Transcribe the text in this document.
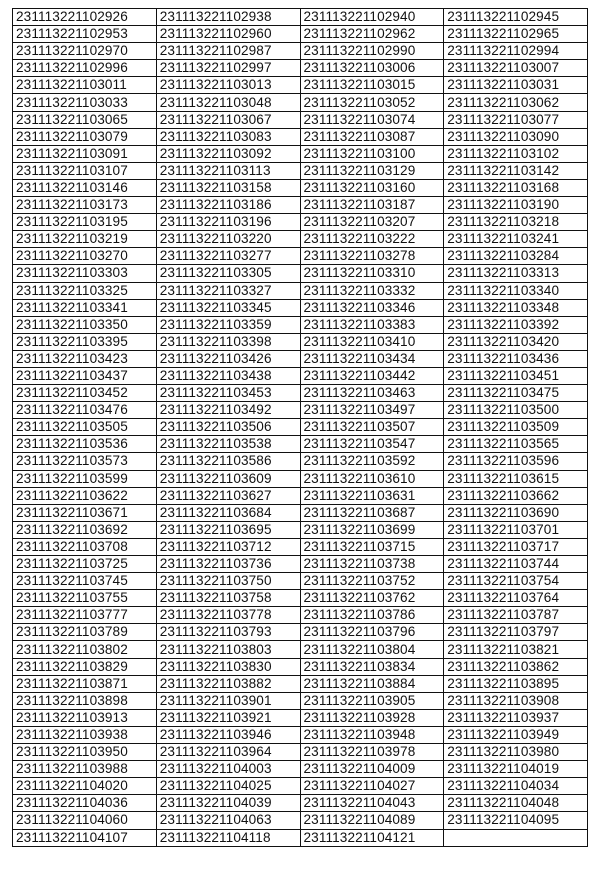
231113221102926	231113221102938	231113221102940	231113221102945
231113221102953	231113221102960	231113221102962	231113221102965
231113221102970	231113221102987	231113221102990	231113221102994
231113221102996	231113221102997	231113221103006	231113221103007
231113221103011	231113221103013	231113221103015	231113221103031
231113221103033	231113221103048	231113221103052	231113221103062
231113221103065	231113221103067	231113221103074	231113221103077
231113221103079	231113221103083	231113221103087	231113221103090
231113221103091	231113221103092	231113221103100	231113221103102
231113221103107	231113221103113	231113221103129	231113221103142
231113221103146	231113221103158	231113221103160	231113221103168
231113221103173	231113221103186	231113221103187	231113221103190
231113221103195	231113221103196	231113221103207	231113221103218
231113221103219	231113221103220	231113221103222	231113221103241
231113221103270	231113221103277	231113221103278	231113221103284
231113221103303	231113221103305	231113221103310	231113221103313
231113221103325	231113221103327	231113221103332	231113221103340
231113221103341	231113221103345	231113221103346	231113221103348
231113221103350	231113221103359	231113221103383	231113221103392
231113221103395	231113221103398	231113221103410	231113221103420
231113221103423	231113221103426	231113221103434	231113221103436
231113221103437	231113221103438	231113221103442	231113221103451
231113221103452	231113221103453	231113221103463	231113221103475
231113221103476	231113221103492	231113221103497	231113221103500
231113221103505	231113221103506	231113221103507	231113221103509
231113221103536	231113221103538	231113221103547	231113221103565
231113221103573	231113221103586	231113221103592	231113221103596
231113221103599	231113221103609	231113221103610	231113221103615
231113221103622	231113221103627	231113221103631	231113221103662
231113221103671	231113221103684	231113221103687	231113221103690
231113221103692	231113221103695	231113221103699	231113221103701
231113221103708	231113221103712	231113221103715	231113221103717
231113221103725	231113221103736	231113221103738	231113221103744
231113221103745	231113221103750	231113221103752	231113221103754
231113221103755	231113221103758	231113221103762	231113221103764
231113221103777	231113221103778	231113221103786	231113221103787
231113221103789	231113221103793	231113221103796	231113221103797
231113221103802	231113221103803	231113221103804	231113221103821
231113221103829	231113221103830	231113221103834	231113221103862
231113221103871	231113221103882	231113221103884	231113221103895
231113221103898	231113221103901	231113221103905	231113221103908
231113221103913	231113221103921	231113221103928	231113221103937
231113221103938	231113221103946	231113221103948	231113221103949
231113221103950	231113221103964	231113221103978	231113221103980
231113221103988	231113221104003	231113221104009	231113221104019
231113221104020	231113221104025	231113221104027	231113221104034
231113221104036	231113221104039	231113221104043	231113221104048
231113221104060	231113221104063	231113221104089	231113221104095
231113221104107	231113221104118	231113221104121	
